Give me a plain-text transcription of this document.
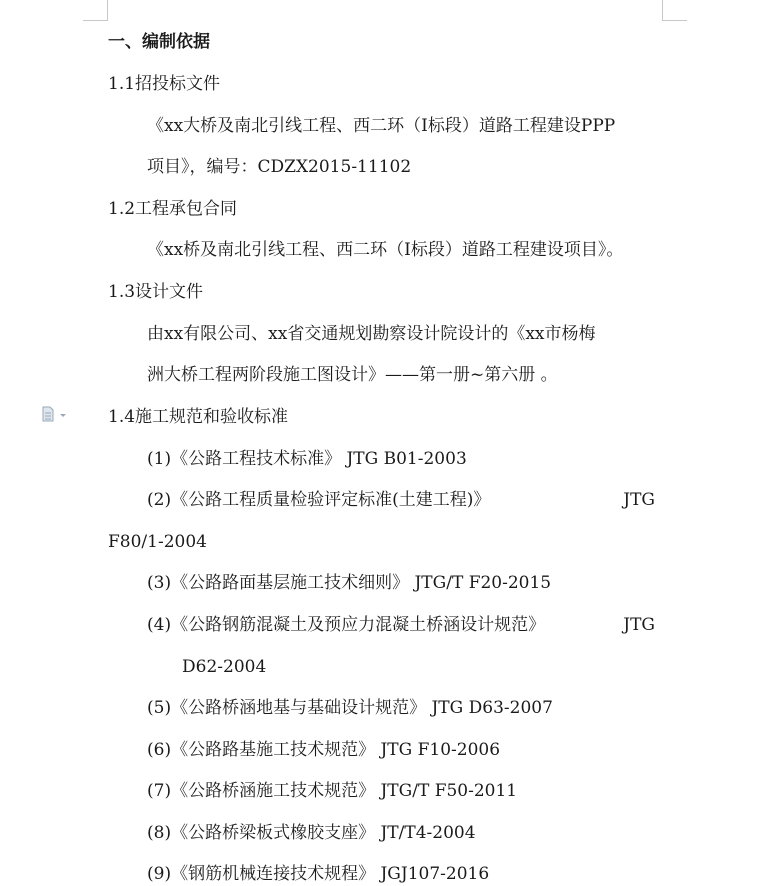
一、编制依据
1.1招投标文件
《xx大桥及南北引线工程、西二环（Ⅰ标段）道路工程建设PPP
项目》，编号：CDZX2015-11102
1.2工程承包合同
《xx桥及南北引线工程、西二环（Ⅰ标段）道路工程建设项目》。
1.3设计文件
由xx有限公司、xx省交通规划勘察设计院设计的《xx市杨梅
洲大桥工程两阶段施工图设计》——第一册~第六册 。
1.4施工规范和验收标准
(1)《公路工程技术标准》 JTG B01-2003
(2)《公路工程质量检验评定标准(土建工程)》	JTG
F80/1-2004
(3)《公路路面基层施工技术细则》 JTG/T F20-2015
(4)《公路钢筋混凝土及预应力混凝土桥涵设计规范》	JTG
D62-2004
(5)《公路桥涵地基与基础设计规范》 JTG D63-2007
(6)《公路路基施工技术规范》 JTG F10-2006
(7)《公路桥涵施工技术规范》 JTG/T F50-2011
(8)《公路桥梁板式橡胶支座》 JT/T4-2004
(9)《钢筋机械连接技术规程》 JGJ107-2016
